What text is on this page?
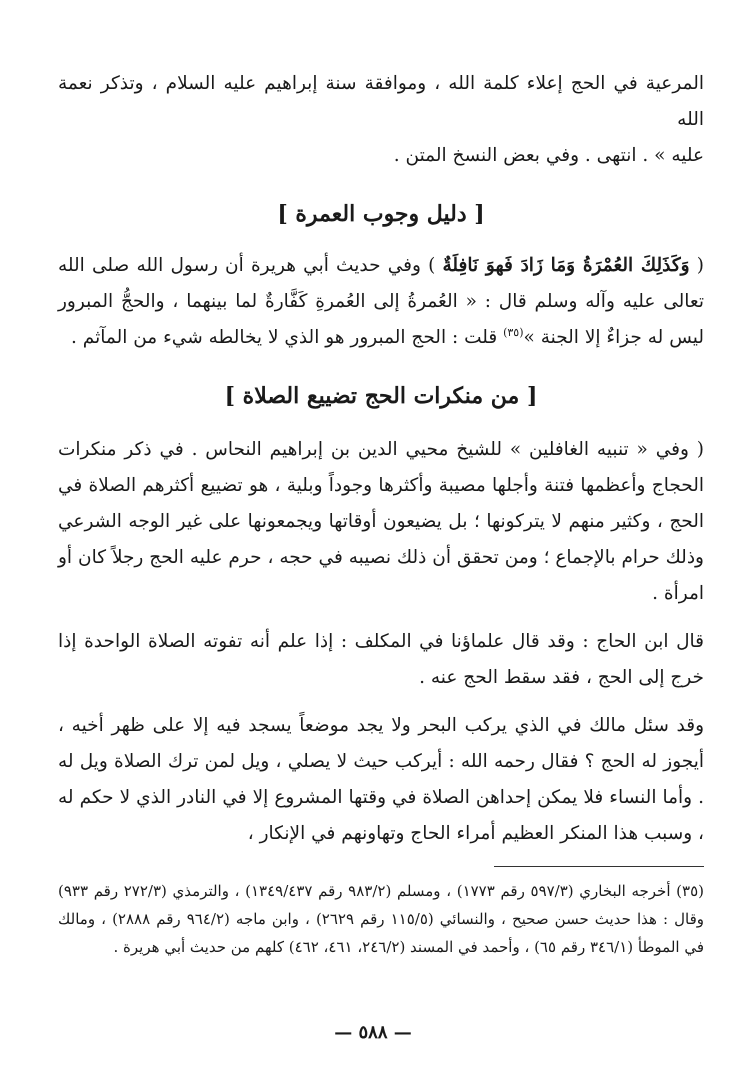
المرعية في الحج إعلاء كلمة الله ، وموافقة سنة إبراهيم عليه السلام ، وتذكر نعمة الله
عليه » . انتهى . وفي بعض النسخ المتن .

[ دليل وجوب العمرة ]

( وَكَذَلِكَ العُمْرَةُ وَمَا زَادَ فَهوَ نَافِلَةٌ ) وفي حديث أبي هريرة أن رسول الله صلى الله تعالى عليه وآله وسلم قال : « العُمرةُ إلى العُمرةِ كَفَّارةٌ لما بينهما ، والحجُّ المبرور ليس له جزاءٌ إلا الجنة »$^{(٣٥)}$ قلت : الحج المبرور هو الذي لا يخالطه شيء من المآثم .

[ من منكرات الحج تضييع الصلاة ]

( وفي « تنبيه الغافلين » للشيخ محيي الدين بن إبراهيم النحاس . في ذكر منكرات الحجاج وأعظمها فتنة وأجلها مصيبة وأكثرها وجوداً وبلية ، هو تضييع أكثرهم الصلاة في الحج ، وكثير منهم لا يتركونها ؛ بل يضيعون أوقاتها ويجمعونها على غير الوجه الشرعي وذلك حرام بالإجماع ؛ ومن تحقق أن ذلك نصيبه في حجه ، حرم عليه الحج رجلاً كان أو امرأة .

قال ابن الحاج : وقد قال علماؤنا في المكلف : إذا علم أنه تفوته الصلاة الواحدة إذا خرج إلى الحج ، فقد سقط الحج عنه .

وقد سئل مالك في الذي يركب البحر ولا يجد موضعاً يسجد فيه إلا على ظهر أخيه ، أيجوز له الحج ؟ فقال رحمه الله : أيركب حيث لا يصلي ، ويل لمن ترك الصلاة ويل له . وأما النساء فلا يمكن إحداهن الصلاة في وقتها المشروع إلا في النادر الذي لا حكم له ، وسبب هذا المنكر العظيم أمراء الحاج وتهاونهم في الإنكار ،

(٣٥) أخرجه البخاري (٥٩٧/٣ رقم ١٧٧٣) ، ومسلم (٩٨٣/٢ رقم ١٣٤٩/٤٣٧) ، والترمذي (٢٧٢/٣ رقم ٩٣٣) وقال : هذا حديث حسن صحيح ، والنسائي (١١٥/٥ رقم ٢٦٢٩) ، وابن ماجه (٩٦٤/٢ رقم ٢٨٨٨) ، ومالك في الموطأ (٣٤٦/١ رقم ٦٥) ، وأحمد في المسند (٢٤٦/٢، ٤٦١، ٤٦٢) كلهم من حديث أبي هريرة .

— ٥٨٨ —
